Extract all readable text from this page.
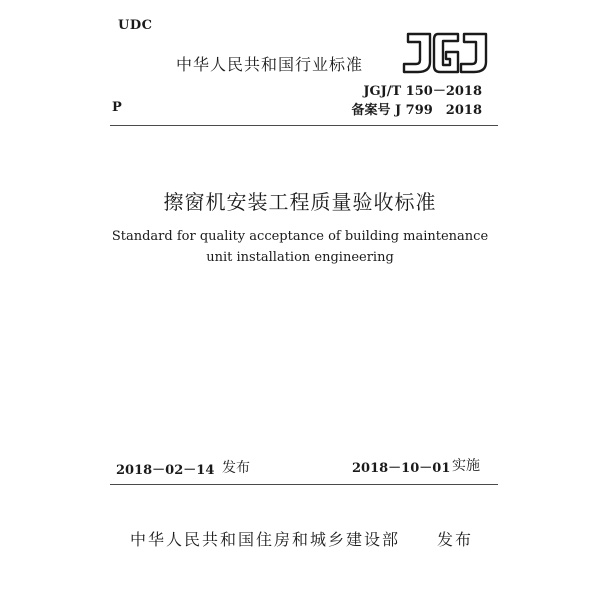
UDC
中华人民共和国行业标准
JGJ/T 150－2018
P	备案号 J 799　2018
擦窗机安装工程质量验收标准
Standard for quality acceptance of building maintenance
unit installation engineering
2018－02－14 发布	2018－10－01 实施
中华人民共和国住房和城乡建设部 发布
